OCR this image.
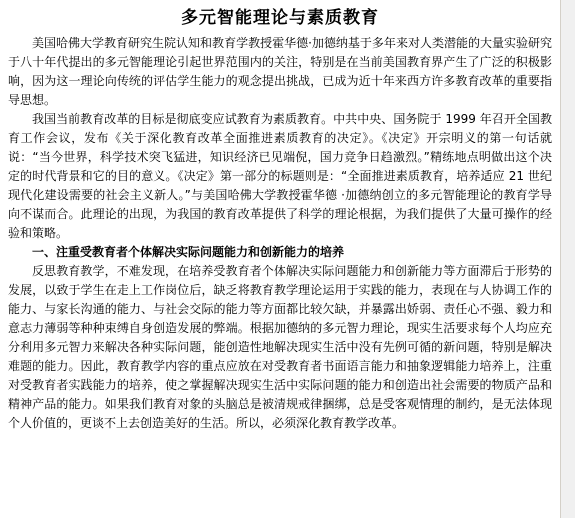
多元智能理论与素质教育

美国哈佛大学教育研究生院认知和教育学教授霍华德·加德纳基于多年来对人类潜能的大量实验研究于八十年代提出的多元智能理论引起世界范围内的关注，特别是在当前美国教育界产生了广泛的积极影响，因为这一理论向传统的评估学生能力的观念提出挑战，已成为近十年来西方许多教育改革的重要指导思想。

我国当前教育改革的目标是彻底变应试教育为素质教育。中共中央、国务院于 1999 年召开全国教育工作会议，发布《关于深化教育改革全面推进素质教育的决定》。《决定》开宗明义的第一句话就说：“当今世界，科学技术突飞猛进，知识经济已见端倪，国力竞争日趋激烈。”精练地点明做出这个决定的时代背景和它的目的意义。《决定》第一部分的标题则是：“全面推进素质教育，培养适应 21 世纪现代化建设需要的社会主义新人。”与美国哈佛大学教授霍华德 ·加德纳创立的多元智能理论的教育学导向不谋而合。此理论的出现，为我国的教育改革提供了科学的理论根据，为我们提供了大量可操作的经验和策略。

一、注重受教育者个体解决实际问题能力和创新能力的培养

反思教育教学，不难发现，在培养受教育者个体解决实际问题能力和创新能力等方面滞后于形势的发展，以致于学生在走上工作岗位后，缺乏将教育教学理论运用于实践的能力，表现在与人协调工作的能力、与家长沟通的能力、与社会交际的能力等方面都比较欠缺，并暴露出娇弱、责任心不强、毅力和意志力薄弱等种种束缚自身创造发展的弊端。根据加德纳的多元智力理论，现实生活要求每个人均应充分利用多元智力来解决各种实际问题，能创造性地解决现实生活中没有先例可循的新问题，特别是解决难题的能力。因此，教育教学内容的重点应放在对受教育者书面语言能力和抽象逻辑能力培养上，注重对受教育者实践能力的培养，使之掌握解决现实生活中实际问题的能力和创造出社会需要的物质产品和精神产品的能力。如果我们教育对象的头脑总是被清规戒律捆绑，总是受客观情理的制约，是无法体现个人价值的，更谈不上去创造美好的生活。所以，必须深化教育教学改革。
